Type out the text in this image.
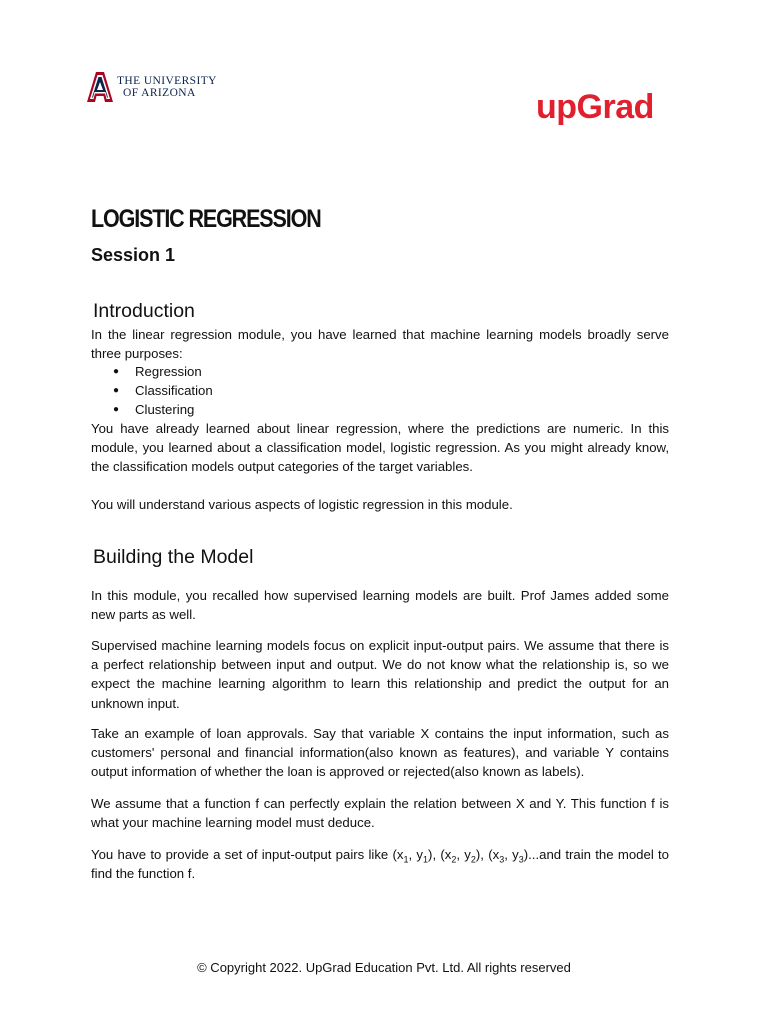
THE UNIVERSITY
OF ARIZONA	upGrad
LOGISTIC REGRESSION
Session 1
Introduction

In the linear regression module, you have learned that machine learning models broadly serve three purposes:

● Regression
● Classification
● Clustering

You have already learned about linear regression, where the predictions are numeric. In this module, you learned about a classification model, logistic regression. As you might already know, the classification models output categories of the target variables.

You will understand various aspects of logistic regression in this module.

Building the Model

In this module, you recalled how supervised learning models are built. Prof James added some new parts as well.

Supervised machine learning models focus on explicit input-output pairs. We assume that there is a perfect relationship between input and output. We do not know what the relationship is, so we expect the machine learning algorithm to learn this relationship and predict the output for an unknown input.

Take an example of loan approvals. Say that variable X contains the input information, such as customers' personal and financial information(also known as features), and variable Y contains output information of whether the loan is approved or rejected(also known as labels).

We assume that a function f can perfectly explain the relation between X and Y. This function f is what your machine learning model must deduce.

You have to provide a set of input-output pairs like ($x_1$, $y_1$), ($x_2$, $y_2$), ($x_3$, $y_3)...and$ train the model to find the function f.

© Copyright 2022. UpGrad Education Pvt. Ltd. All rights reserved
